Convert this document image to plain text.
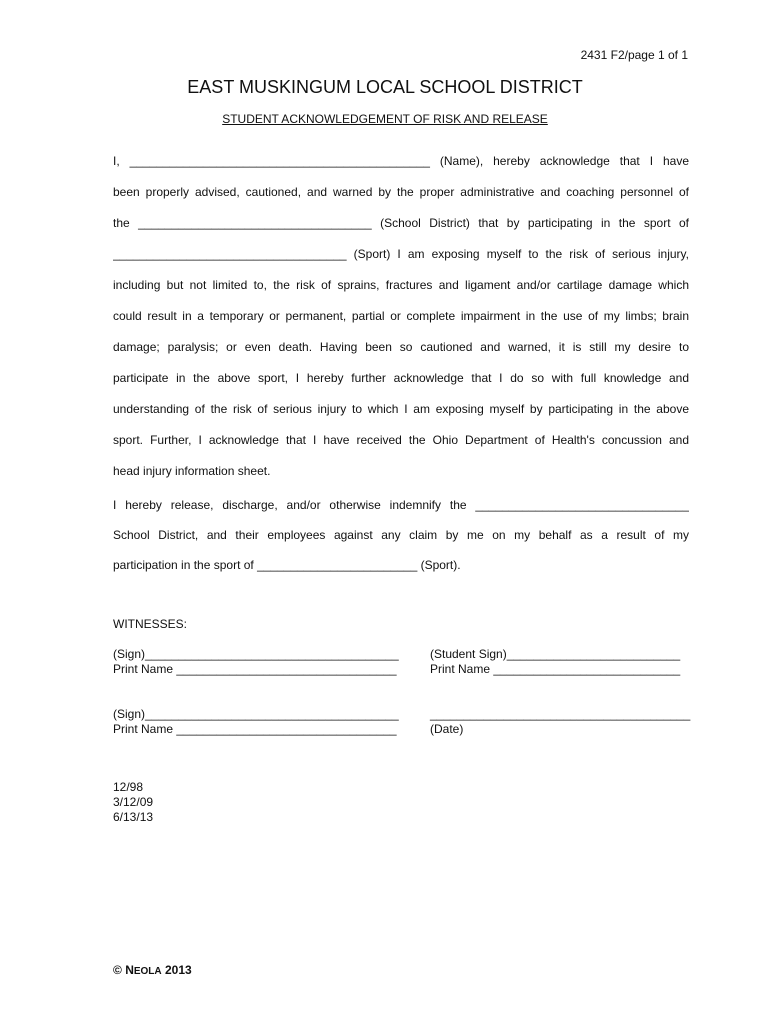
2431 F2/page 1 of 1
EAST MUSKINGUM LOCAL SCHOOL DISTRICT
STUDENT ACKNOWLEDGEMENT OF RISK AND RELEASE
I, _____________________________________________ (Name), hereby acknowledge that I have
been properly advised, cautioned, and warned by the proper administrative and coaching personnel of
the ___________________________________ (School District) that by participating in the sport of
___________________________________ (Sport) I am exposing myself to the risk of serious injury,
including but not limited to, the risk of sprains, fractures and ligament and/or cartilage damage which
could result in a temporary or permanent, partial or complete impairment in the use of my limbs; brain
damage; paralysis; or even death. Having been so cautioned and warned, it is still my desire to
participate in the above sport, I hereby further acknowledge that I do so with full knowledge and
understanding of the risk of serious injury to which I am exposing myself by participating in the above
sport. Further, I acknowledge that I have received the Ohio Department of Health's concussion and
head injury information sheet.
I hereby release, discharge, and/or otherwise indemnify the ________________________________
School District, and their employees against any claim by me on my behalf as a result of my
participation in the sport of ________________________ (Sport).
WITNESSES:
(Sign)______________________________________
Print Name _________________________________
(Student Sign)__________________________
Print Name ____________________________
(Sign)______________________________________
Print Name _________________________________
_______________________________________
(Date)
12/98
3/12/09
6/13/13
© NEOLA 2013
